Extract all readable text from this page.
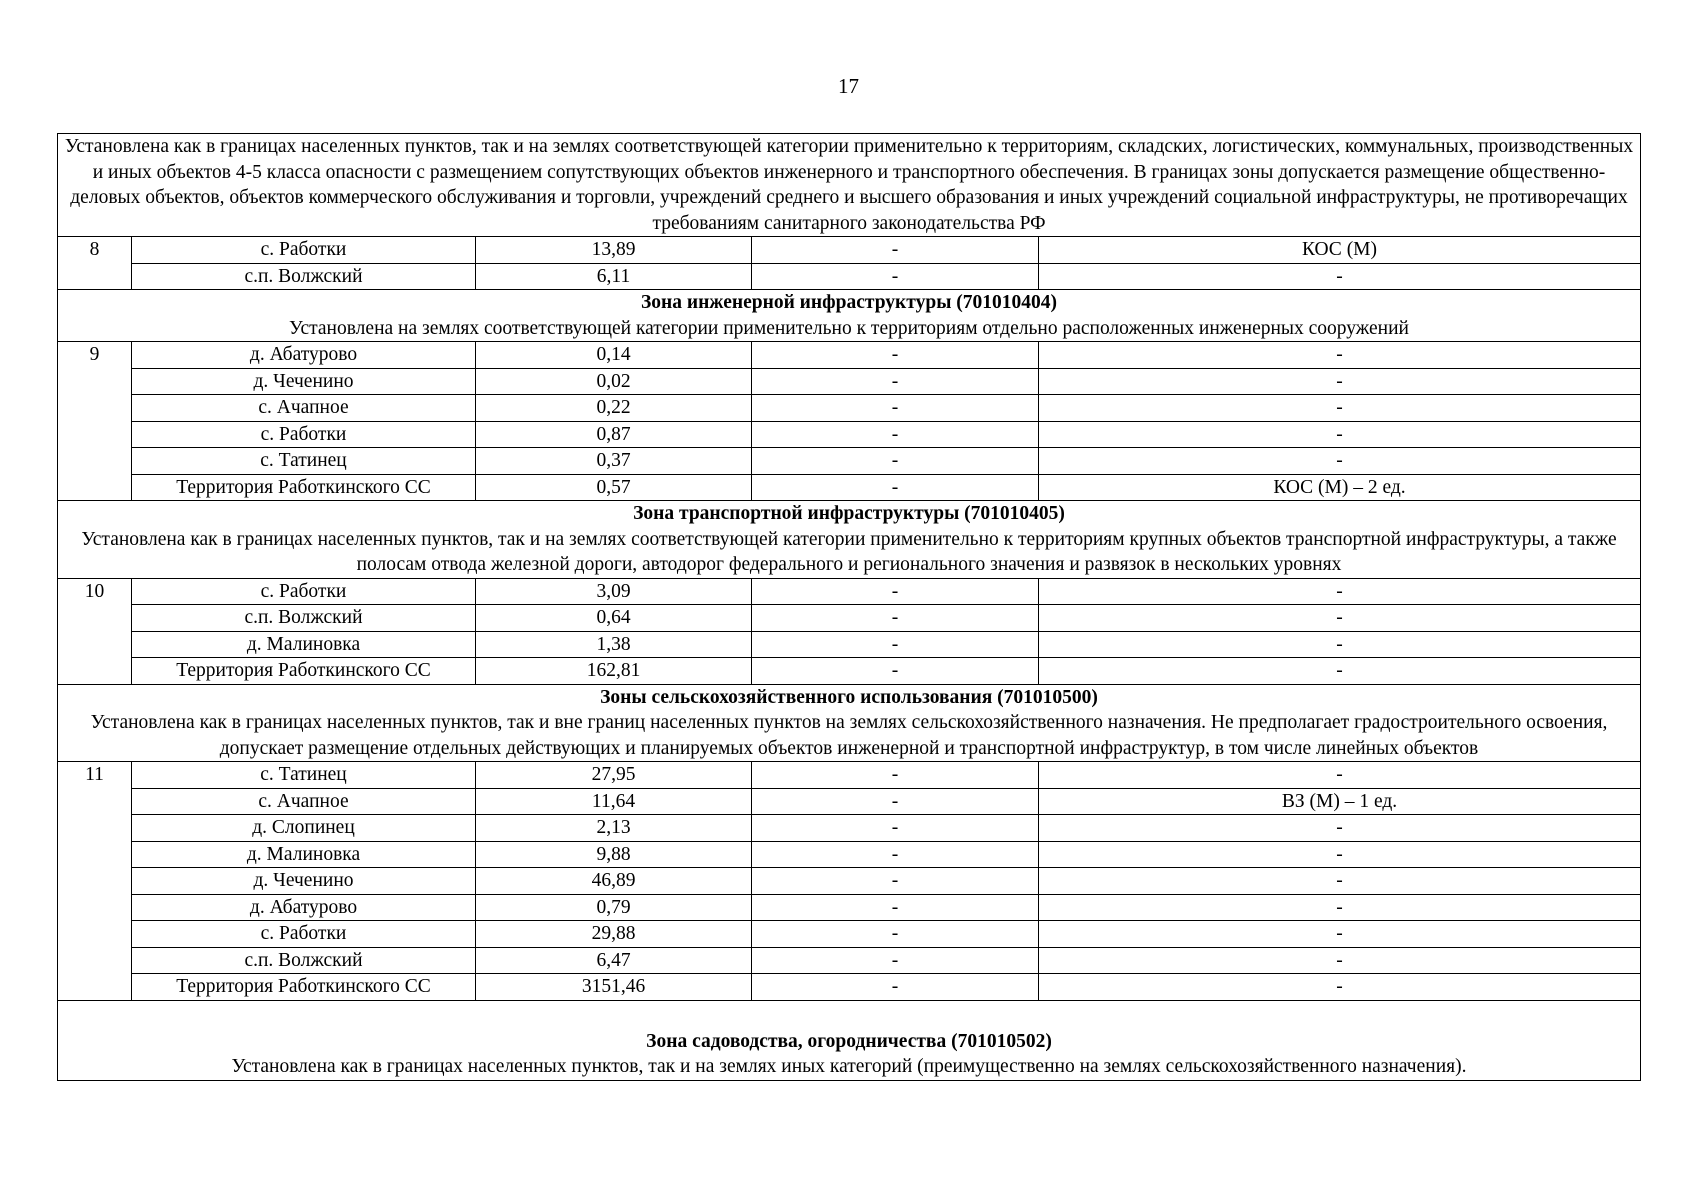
17
Установлена как в границах населенных пунктов, так и на землях соответствующей категории применительно к территориям, складских, логистических, коммунальных, производственных и иных объектов 4-5 класса опасности с размещением сопутствующих объектов инженерного и транспортного обеспечения. В границах зоны допускается размещение общественно-деловых объектов, объектов коммерческого обслуживания и торговли, учреждений среднего и высшего образования и иных учреждений социальной инфраструктуры, не противоречащих требованиям санитарного законодательства РФ				
8	с. Работки	13,89	-	КОС (М)
	с.п. Волжский	6,11	-	-

Зона инженерной инфраструктуры (701010404)
Установлена на землях соответствующей категории применительно к территориям отдельно расположенных инженерных сооружений				

9	д. Абатурово	0,14	-	-
	д. Чеченино	0,02	-	-
	с. Ачапное	0,22	-	-
	с. Работки	0,87	-	-
	с. Татинец	0,37	-	-
	Территория Работкинского СС	0,57	-	КОС (М) – 2 ед.

Зона транспортной инфраструктуры (701010405)
Установлена как в границах населенных пунктов, так и на землях соответствующей категории применительно к территориям крупных объектов транспортной инфраструктуры, а также полосам отвода железной дороги, автодорог федерального и регионального значения и развязок в нескольких уровнях				

10	с. Работки	3,09	-	-
	с.п. Волжский	0,64	-	-
	д. Малиновка	1,38	-	-
	Территория Работкинского СС	162,81	-	-

Зоны сельскохозяйственного использования (701010500)
Установлена как в границах населенных пунктов, так и вне границ населенных пунктов на землях сельскохозяйственного назначения. Не предполагает градостроительного освоения, допускает размещение отдельных действующих и планируемых объектов инженерной и транспортной инфраструктур, в том числе линейных объектов				

11	с. Татинец	27,95	-	-
	с. Ачапное	11,64	-	ВЗ (М) – 1 ед.
	д. Слопинец	2,13	-	-
	д. Малиновка	9,88	-	-
	д. Чеченино	46,89	-	-
	д. Абатурово	0,79	-	-
	с. Работки	29,88	-	-
	с.п. Волжский	6,47	-	-
	Территория Работкинского СС	3151,46	-	-

Зона садоводства, огородничества (701010502)
Установлена как в границах населенных пунктов, так и на землях иных категорий (преимущественно на землях сельскохозяйственного назначения).				
